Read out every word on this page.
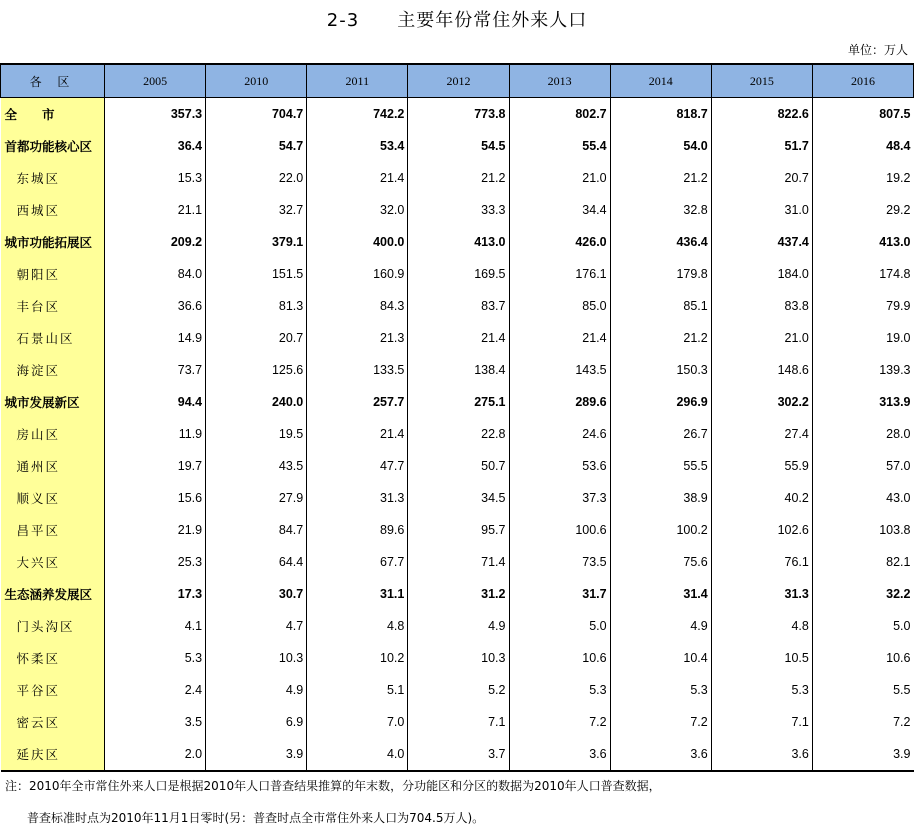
2-3 主要年份常住外来人口
单位：万人
各 区	2005	2010	2011	2012	2013	2014	2015	2016
全　　市	357.3	704.7	742.2	773.8	802.7	818.7	822.6	807.5
首都功能核心区	36.4	54.7	53.4	54.5	55.4	54.0	51.7	48.4
东城区	15.3	22.0	21.4	21.2	21.0	21.2	20.7	19.2
西城区	21.1	32.7	32.0	33.3	34.4	32.8	31.0	29.2
城市功能拓展区	209.2	379.1	400.0	413.0	426.0	436.4	437.4	413.0
朝阳区	84.0	151.5	160.9	169.5	176.1	179.8	184.0	174.8
丰台区	36.6	81.3	84.3	83.7	85.0	85.1	83.8	79.9
石景山区	14.9	20.7	21.3	21.4	21.4	21.2	21.0	19.0
海淀区	73.7	125.6	133.5	138.4	143.5	150.3	148.6	139.3
城市发展新区	94.4	240.0	257.7	275.1	289.6	296.9	302.2	313.9
房山区	11.9	19.5	21.4	22.8	24.6	26.7	27.4	28.0
通州区	19.7	43.5	47.7	50.7	53.6	55.5	55.9	57.0
顺义区	15.6	27.9	31.3	34.5	37.3	38.9	40.2	43.0
昌平区	21.9	84.7	89.6	95.7	100.6	100.2	102.6	103.8
大兴区	25.3	64.4	67.7	71.4	73.5	75.6	76.1	82.1
生态涵养发展区	17.3	30.7	31.1	31.2	31.7	31.4	31.3	32.2
门头沟区	4.1	4.7	4.8	4.9	5.0	4.9	4.8	5.0
怀柔区	5.3	10.3	10.2	10.3	10.6	10.4	10.5	10.6
平谷区	2.4	4.9	5.1	5.2	5.3	5.3	5.3	5.5
密云区	3.5	6.9	7.0	7.1	7.2	7.2	7.1	7.2
延庆区	2.0	3.9	4.0	3.7	3.6	3.6	3.6	3.9
注：2010年全市常住外来人口是根据2010年人口普查结果推算的年末数，分功能区和分区的数据为2010年人口普查数据，
普查标准时点为2010年11月1日零时(另：普查时点全市常住外来人口为704.5万人)。
